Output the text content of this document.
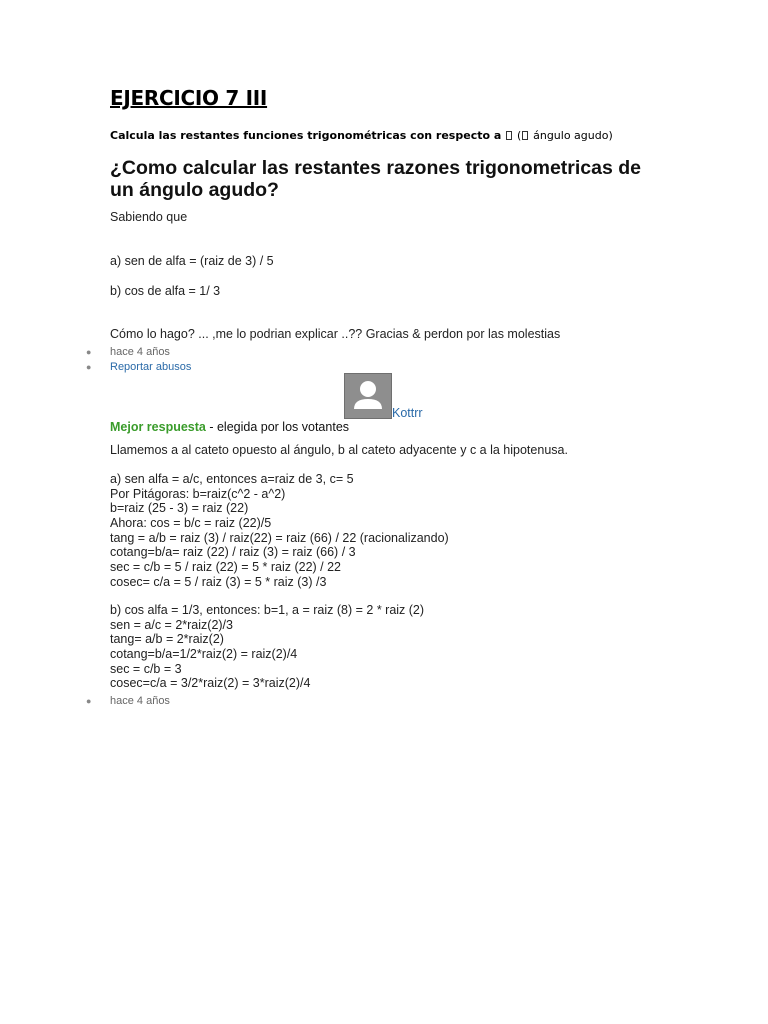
EJERCICIO 7 III
Calcula las restantes funciones trigonométricas con respecto a ( ángulo agudo)
¿Como calcular las restantes razones trigonometricas de un ángulo agudo?
Sabiendo que
a) sen de alfa = (raiz de 3) / 5
b) cos de alfa = 1/ 3
Cómo lo hago? ... ,me lo podrian explicar ..?? Gracias & perdon por las molestias
● hace 4 años
● Reportar abusos
Kottrr
Mejor respuesta - elegida por los votantes
Llamemos a al cateto opuesto al ángulo, b al cateto adyacente y c a la hipotenusa.
a) sen alfa = a/c, entonces a=raiz de 3, c= 5
Por Pitágoras: b=raiz(c^2 - a^2)
b=raiz (25 - 3) = raiz (22)
Ahora: cos = b/c = raiz (22)/5
tang = a/b = raiz (3) / raiz(22) = raiz (66) / 22 (racionalizando)
cotang=b/a= raiz (22) / raiz (3) = raiz (66) / 3
sec = c/b = 5 / raiz (22) = 5 * raiz (22) / 22
cosec= c/a = 5 / raiz (3) = 5 * raiz (3) /3
b) cos alfa = 1/3, entonces: b=1, a = raiz (8) = 2 * raiz (2)
sen = a/c = 2*raiz(2)/3
tang= a/b = 2*raiz(2)
cotang=b/a=1/2*raiz(2) = raiz(2)/4
sec = c/b = 3
cosec=c/a = 3/2*raiz(2) = 3*raiz(2)/4
● hace 4 años
